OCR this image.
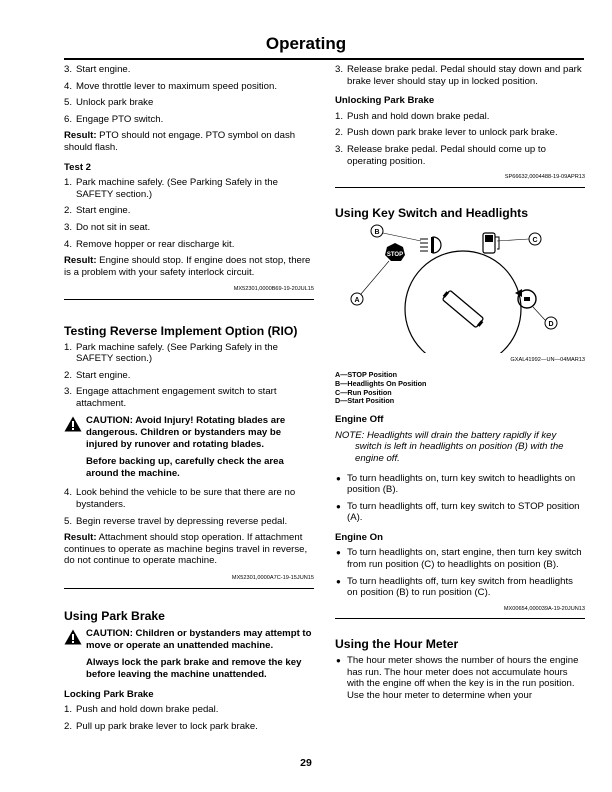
Operating
3. Start engine.
4. Move throttle lever to maximum speed position.
5. Unlock park brake
6. Engage PTO switch.

Result: PTO should not engage. PTO symbol on dash should flash.

Test 2
1. Park machine safely. (See Parking Safely in the SAFETY section.)
2. Start engine.
3. Do not sit in seat.
4. Remove hopper or rear discharge kit.

Result: Engine should stop. If engine does not stop, there is a problem with your safety interlock circuit.

MX52301,0000B69-19-20JUL15
Testing Reverse Implement Option (RIO)
1. Park machine safely. (See Parking Safely in the SAFETY section.)
2. Start engine.
3. Engage attachment engagement switch to start attachment.

CAUTION: Avoid Injury! Rotating blades are dangerous. Children or bystanders may be injured by runover and rotating blades.

Before backing up, carefully check the area around the machine.

4. Look behind the vehicle to be sure that there are no bystanders.
5. Begin reverse travel by depressing reverse pedal.

Result: Attachment should stop operation. If attachment continues to operate as machine begins travel in reverse, do not continue to operate machine.

MX52301,0000A7C-19-15JUN15
Using Park Brake

CAUTION: Children or bystanders may attempt to move or operate an unattended machine.

Always lock the park brake and remove the key before leaving the machine unattended.

Locking Park Brake
1. Push and hold down brake pedal.
2. Pull up park brake lever to lock park brake.
3. Release brake pedal. Pedal should stay down and park brake lever should stay up in locked position.
Unlocking Park Brake
1. Push and hold down brake pedal.
2. Push down park brake lever to unlock park brake.
3. Release brake pedal. Pedal should come up to operating position.
SP66632,0004488-19-09APR13
Using Key Switch and Headlights
STOP
B
C
A
D
GXAL41992—UN—04MAR13
A—STOP Position
B—Headlights On Position
C—Run Position
D—Start Position
Engine Off
NOTE: Headlights will drain the battery rapidly if key
switch is left in headlights on position (B) with the engine off.
● To turn headlights on, turn key switch to headlights on position (B).
● To turn headlights off, turn key switch to STOP position (A).
Engine On
● To turn headlights on, start engine, then turn key switch from run position (C) to headlights on position (B).
● To turn headlights off, turn key switch from headlights on position (B) to run position (C).
MX00654,000039A-19-20JUN13
Using the Hour Meter
● The hour meter shows the number of hours the engine has run. The hour meter does not accumulate hours with the engine off when the key is in the run position. Use the hour meter to determine when your
29
